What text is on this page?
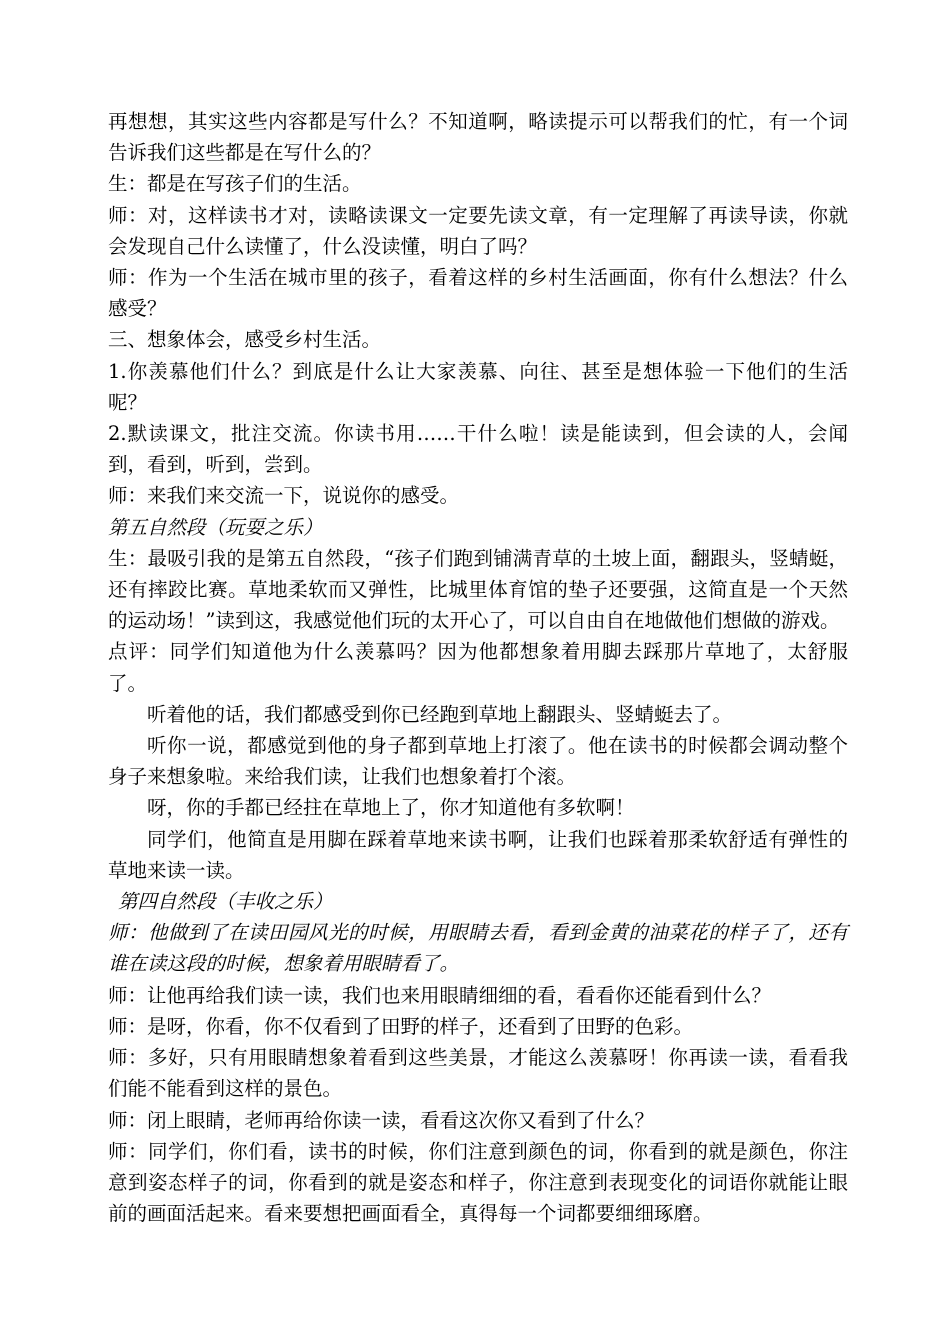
再想想，其实这些内容都是写什么？不知道啊，略读提示可以帮我们的忙，有一个词告诉我们这些都是在写什么的？

生：都是在写孩子们的生活。

师：对，这样读书才对，读略读课文一定要先读文章，有一定理解了再读导读，你就会发现自己什么读懂了，什么没读懂，明白了吗？

师：作为一个生活在城市里的孩子，看着这样的乡村生活画面，你有什么想法？什么感受？

三、想象体会，感受乡村生活。

1.你羡慕他们什么？到底是什么让大家羡慕、向往、甚至是想体验一下他们的生活呢？

2.默读课文，批注交流。你读书用……干什么啦！读是能读到，但会读的人，会闻到，看到，听到，尝到。

师：来我们来交流一下，说说你的感受。

第五自然段（玩耍之乐）

生：最吸引我的是第五自然段，“孩子们跑到铺满青草的土坡上面，翻跟头，竖蜻蜓，还有摔跤比赛。草地柔软而又弹性，比城里体育馆的垫子还要强，这简直是一个天然的运动场！”读到这，我感觉他们玩的太开心了，可以自由自在地做他们想做的游戏。

点评：同学们知道他为什么羡慕吗？因为他都想象着用脚去踩那片草地了，太舒服了。

听着他的话，我们都感受到你已经跑到草地上翻跟头、竖蜻蜓去了。

听你一说，都感觉到他的身子都到草地上打滚了。他在读书的时候都会调动整个身子来想象啦。来给我们读，让我们也想象着打个滚。

呀，你的手都已经拄在草地上了，你才知道他有多软啊！

同学们，他简直是用脚在踩着草地来读书啊，让我们也踩着那柔软舒适有弹性的草地来读一读。

第四自然段（丰收之乐）

师：他做到了在读田园风光的时候，用眼睛去看，看到金黄的油菜花的样子了，还有谁在读这段的时候，想象着用眼睛看了。

师：让他再给我们读一读，我们也来用眼睛细细的看，看看你还能看到什么？

师：是呀，你看，你不仅看到了田野的样子，还看到了田野的色彩。

师：多好，只有用眼睛想象着看到这些美景，才能这么羡慕呀！你再读一读，看看我们能不能看到这样的景色。

师：闭上眼睛，老师再给你读一读，看看这次你又看到了什么？

师：同学们，你们看，读书的时候，你们注意到颜色的词，你看到的就是颜色，你注意到姿态样子的词，你看到的就是姿态和样子，你注意到表现变化的词语你就能让眼前的画面活起来。看来要想把画面看全，真得每一个词都要细细琢磨。
